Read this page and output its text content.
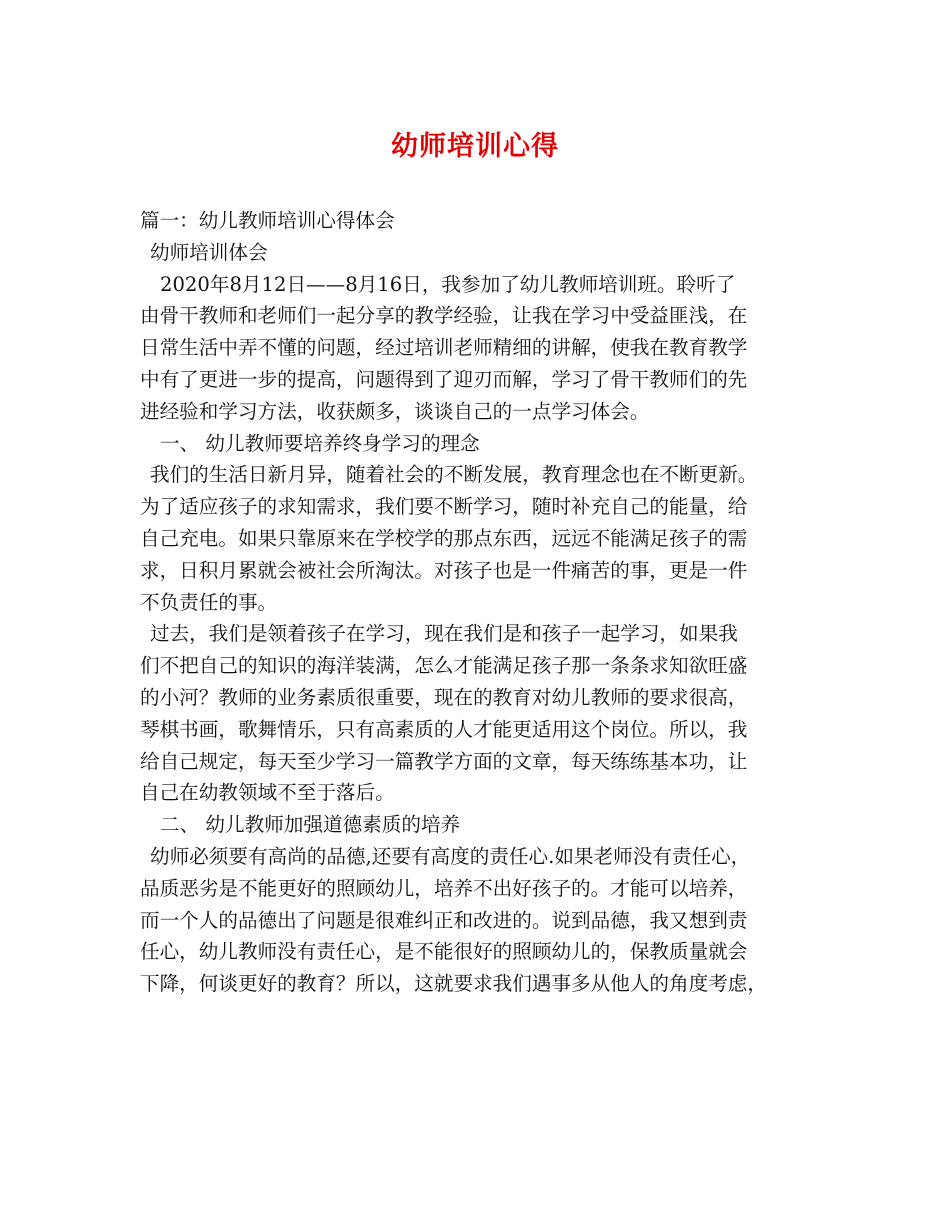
幼师培训心得
篇一：幼儿教师培训心得体会
幼师培训体会
2020年8月12日——8月16日，我参加了幼儿教师培训班。聆听了
由骨干教师和老师们一起分享的教学经验，让我在学习中受益匪浅，在
日常生活中弄不懂的问题，经过培训老师精细的讲解，使我在教育教学
中有了更进一步的提高，问题得到了迎刃而解，学习了骨干教师们的先
进经验和学习方法，收获颇多，谈谈自己的一点学习体会。
一、 幼儿教师要培养终身学习的理念
我们的生活日新月异，随着社会的不断发展，教育理念也在不断更新。
为了适应孩子的求知需求，我们要不断学习，随时补充自己的能量，给
自己充电。如果只靠原来在学校学的那点东西，远远不能满足孩子的需
求，日积月累就会被社会所淘汰。对孩子也是一件痛苦的事，更是一件
不负责任的事。
过去，我们是领着孩子在学习，现在我们是和孩子一起学习，如果我
们不把自己的知识的海洋装满，怎么才能满足孩子那一条条求知欲旺盛
的小河？教师的业务素质很重要，现在的教育对幼儿教师的要求很高，
琴棋书画，歌舞情乐，只有高素质的人才能更适用这个岗位。所以，我
给自己规定，每天至少学习一篇教学方面的文章，每天练练基本功，让
自己在幼教领域不至于落后。
二、 幼儿教师加强道德素质的培养
幼师必须要有高尚的品德,还要有高度的责任心.如果老师没有责任心，
品质恶劣是不能更好的照顾幼儿，培养不出好孩子的。才能可以培养，
而一个人的品德出了问题是很难纠正和改进的。说到品德，我又想到责
任心，幼儿教师没有责任心，是不能很好的照顾幼儿的，保教质量就会
下降，何谈更好的教育？所以，这就要求我们遇事多从他人的角度考虑，
